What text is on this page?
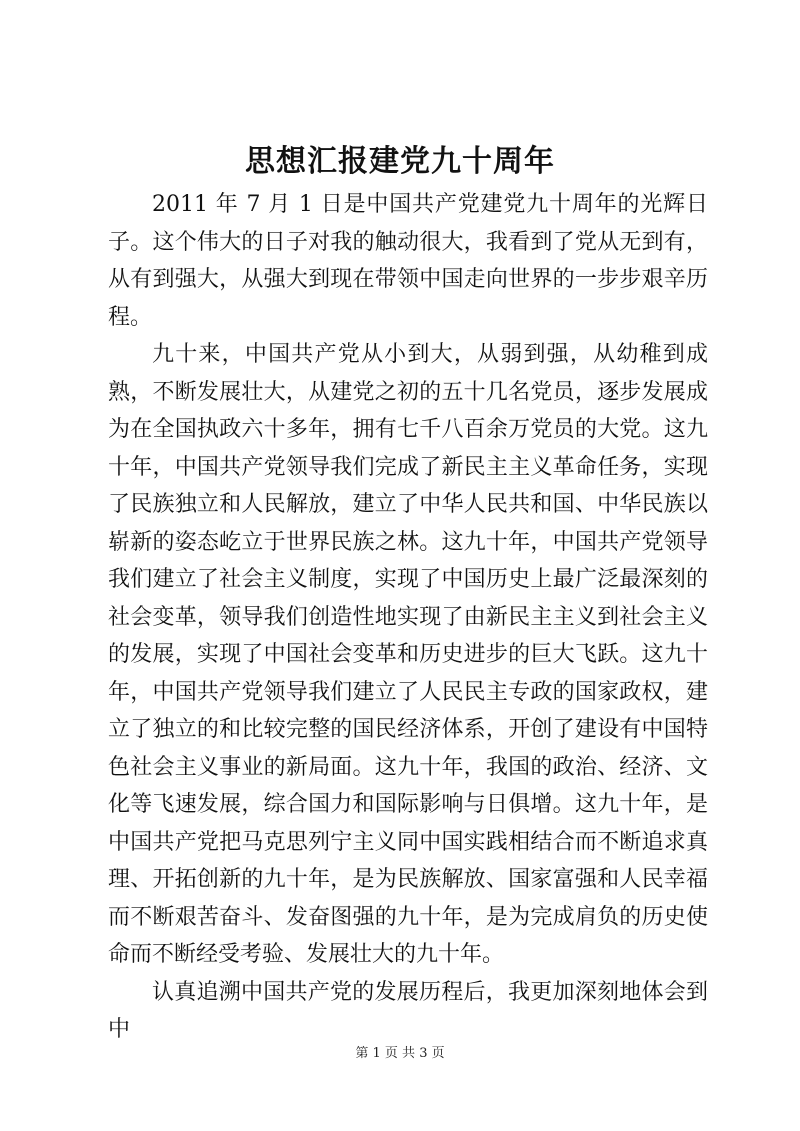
思想汇报建党九十周年

2011 年 7 月 1 日是中国共产党建党九十周年的光辉日子。这个伟大的日子对我的触动很大，我看到了党从无到有，从有到强大，从强大到现在带领中国走向世界的一步步艰辛历程。

九十来，中国共产党从小到大，从弱到强，从幼稚到成熟，不断发展壮大，从建党之初的五十几名党员，逐步发展成为在全国执政六十多年，拥有七千八百余万党员的大党。这九十年，中国共产党领导我们完成了新民主主义革命任务，实现了民族独立和人民解放，建立了中华人民共和国、中华民族以崭新的姿态屹立于世界民族之林。这九十年，中国共产党领导我们建立了社会主义制度，实现了中国历史上最广泛最深刻的社会变革，领导我们创造性地实现了由新民主主义到社会主义的发展，实现了中国社会变革和历史进步的巨大飞跃。这九十年，中国共产党领导我们建立了人民民主专政的国家政权，建立了独立的和比较完整的国民经济体系，开创了建设有中国特色社会主义事业的新局面。这九十年，我国的政治、经济、文化等飞速发展，综合国力和国际影响与日俱增。这九十年，是中国共产党把马克思列宁主义同中国实践相结合而不断追求真理、开拓创新的九十年，是为民族解放、国家富强和人民幸福而不断艰苦奋斗、发奋图强的九十年，是为完成肩负的历史使命而不断经受考验、发展壮大的九十年。

认真追溯中国共产党的发展历程后，我更加深刻地体会到中

第 1 页 共 3 页
